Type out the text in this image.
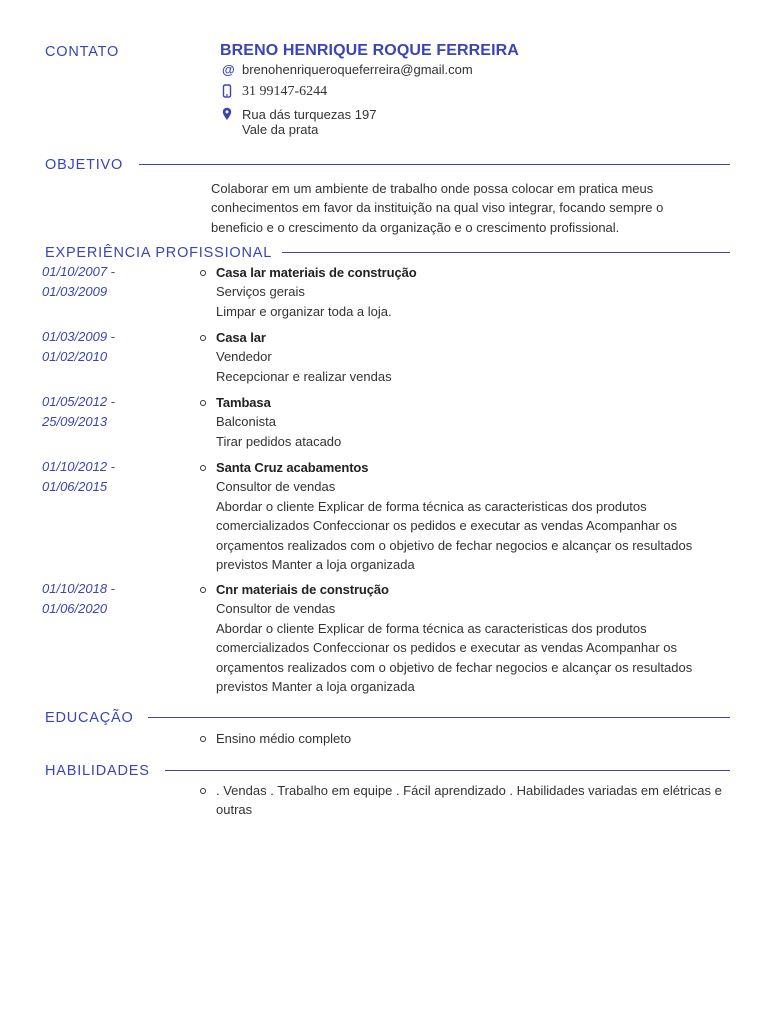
CONTATO	BRENO HENRIQUE ROQUE FERREIRA
@ brenohenriqueroqueferreira@gmail.com
31 99147-6244
Rua dás turquezas 197
Vale da prata
OBJETIVO
Colaborar em um ambiente de trabalho onde possa colocar em pratica meus conhecimentos em favor da instituição na qual viso integrar, focando sempre o beneficio e o crescimento da organização e o crescimento profissional.
EXPERIÊNCIA PROFISSIONAL
01/10/2007 -
01/03/2009
Casa lar materiais de construção
Serviços gerais
Limpar e organizar toda a loja.
01/03/2009 -
01/02/2010
Casa lar
Vendedor
Recepcionar e realizar vendas
01/05/2012 -
25/09/2013
Tambasa
Balconista
Tirar pedidos atacado
01/10/2012 -
01/06/2015
Santa Cruz acabamentos
Consultor de vendas
Abordar o cliente Explicar de forma técnica as caracteristicas dos produtos comercializados Confeccionar os pedidos e executar as vendas Acompanhar os orçamentos realizados com o objetivo de fechar negocios e alcançar os resultados previstos Manter a loja organizada
01/10/2018 -
01/06/2020
Cnr materiais de construção
Consultor de vendas
Abordar o cliente Explicar de forma técnica as caracteristicas dos produtos comercializados Confeccionar os pedidos e executar as vendas Acompanhar os orçamentos realizados com o objetivo de fechar negocios e alcançar os resultados previstos Manter a loja organizada
EDUCAÇÃO
Ensino médio completo
HABILIDADES
. Vendas . Trabalho em equipe . Fácil aprendizado . Habilidades variadas em elétricas e outras
